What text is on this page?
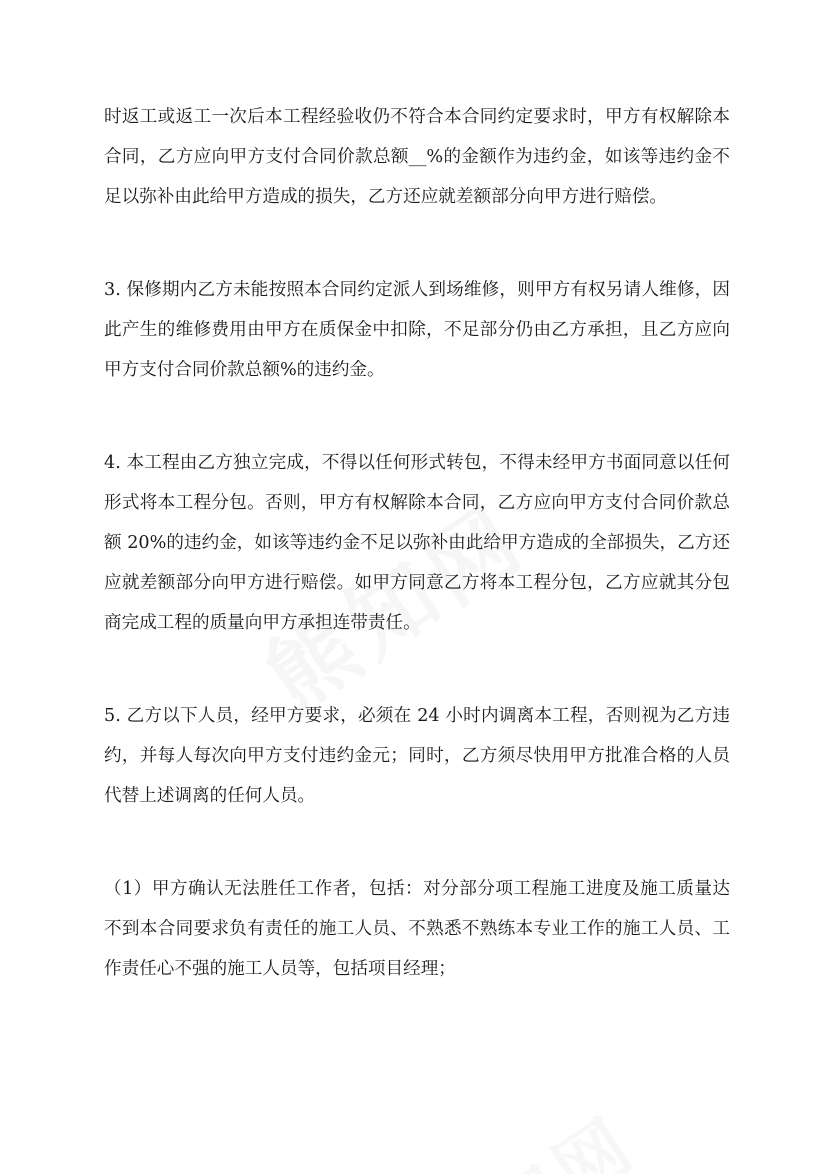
时返工或返工一次后本工程经验收仍不符合本合同约定要求时，甲方有权解除本合同，乙方应向甲方支付合同价款总额__%的金额作为违约金，如该等违约金不足以弥补由此给甲方造成的损失，乙方还应就差额部分向甲方进行赔偿。

3. 保修期内乙方未能按照本合同约定派人到场维修，则甲方有权另请人维修，因此产生的维修费用由甲方在质保金中扣除，不足部分仍由乙方承担，且乙方应向甲方支付合同价款总额%的违约金。

4. 本工程由乙方独立完成，不得以任何形式转包，不得未经甲方书面同意以任何形式将本工程分包。否则，甲方有权解除本合同，乙方应向甲方支付合同价款总额 20%的违约金，如该等违约金不足以弥补由此给甲方造成的全部损失，乙方还应就差额部分向甲方进行赔偿。如甲方同意乙方将本工程分包，乙方应就其分包商完成工程的质量向甲方承担连带责任。

5. 乙方以下人员，经甲方要求，必须在 24 小时内调离本工程，否则视为乙方违约，并每人每次向甲方支付违约金元；同时，乙方须尽快用甲方批准合格的人员代替上述调离的任何人员。

（1）甲方确认无法胜任工作者，包括：对分部分项工程施工进度及施工质量达不到本合同要求负有责任的施工人员、不熟悉不熟练本专业工作的施工人员、工作责任心不强的施工人员等，包括项目经理；
